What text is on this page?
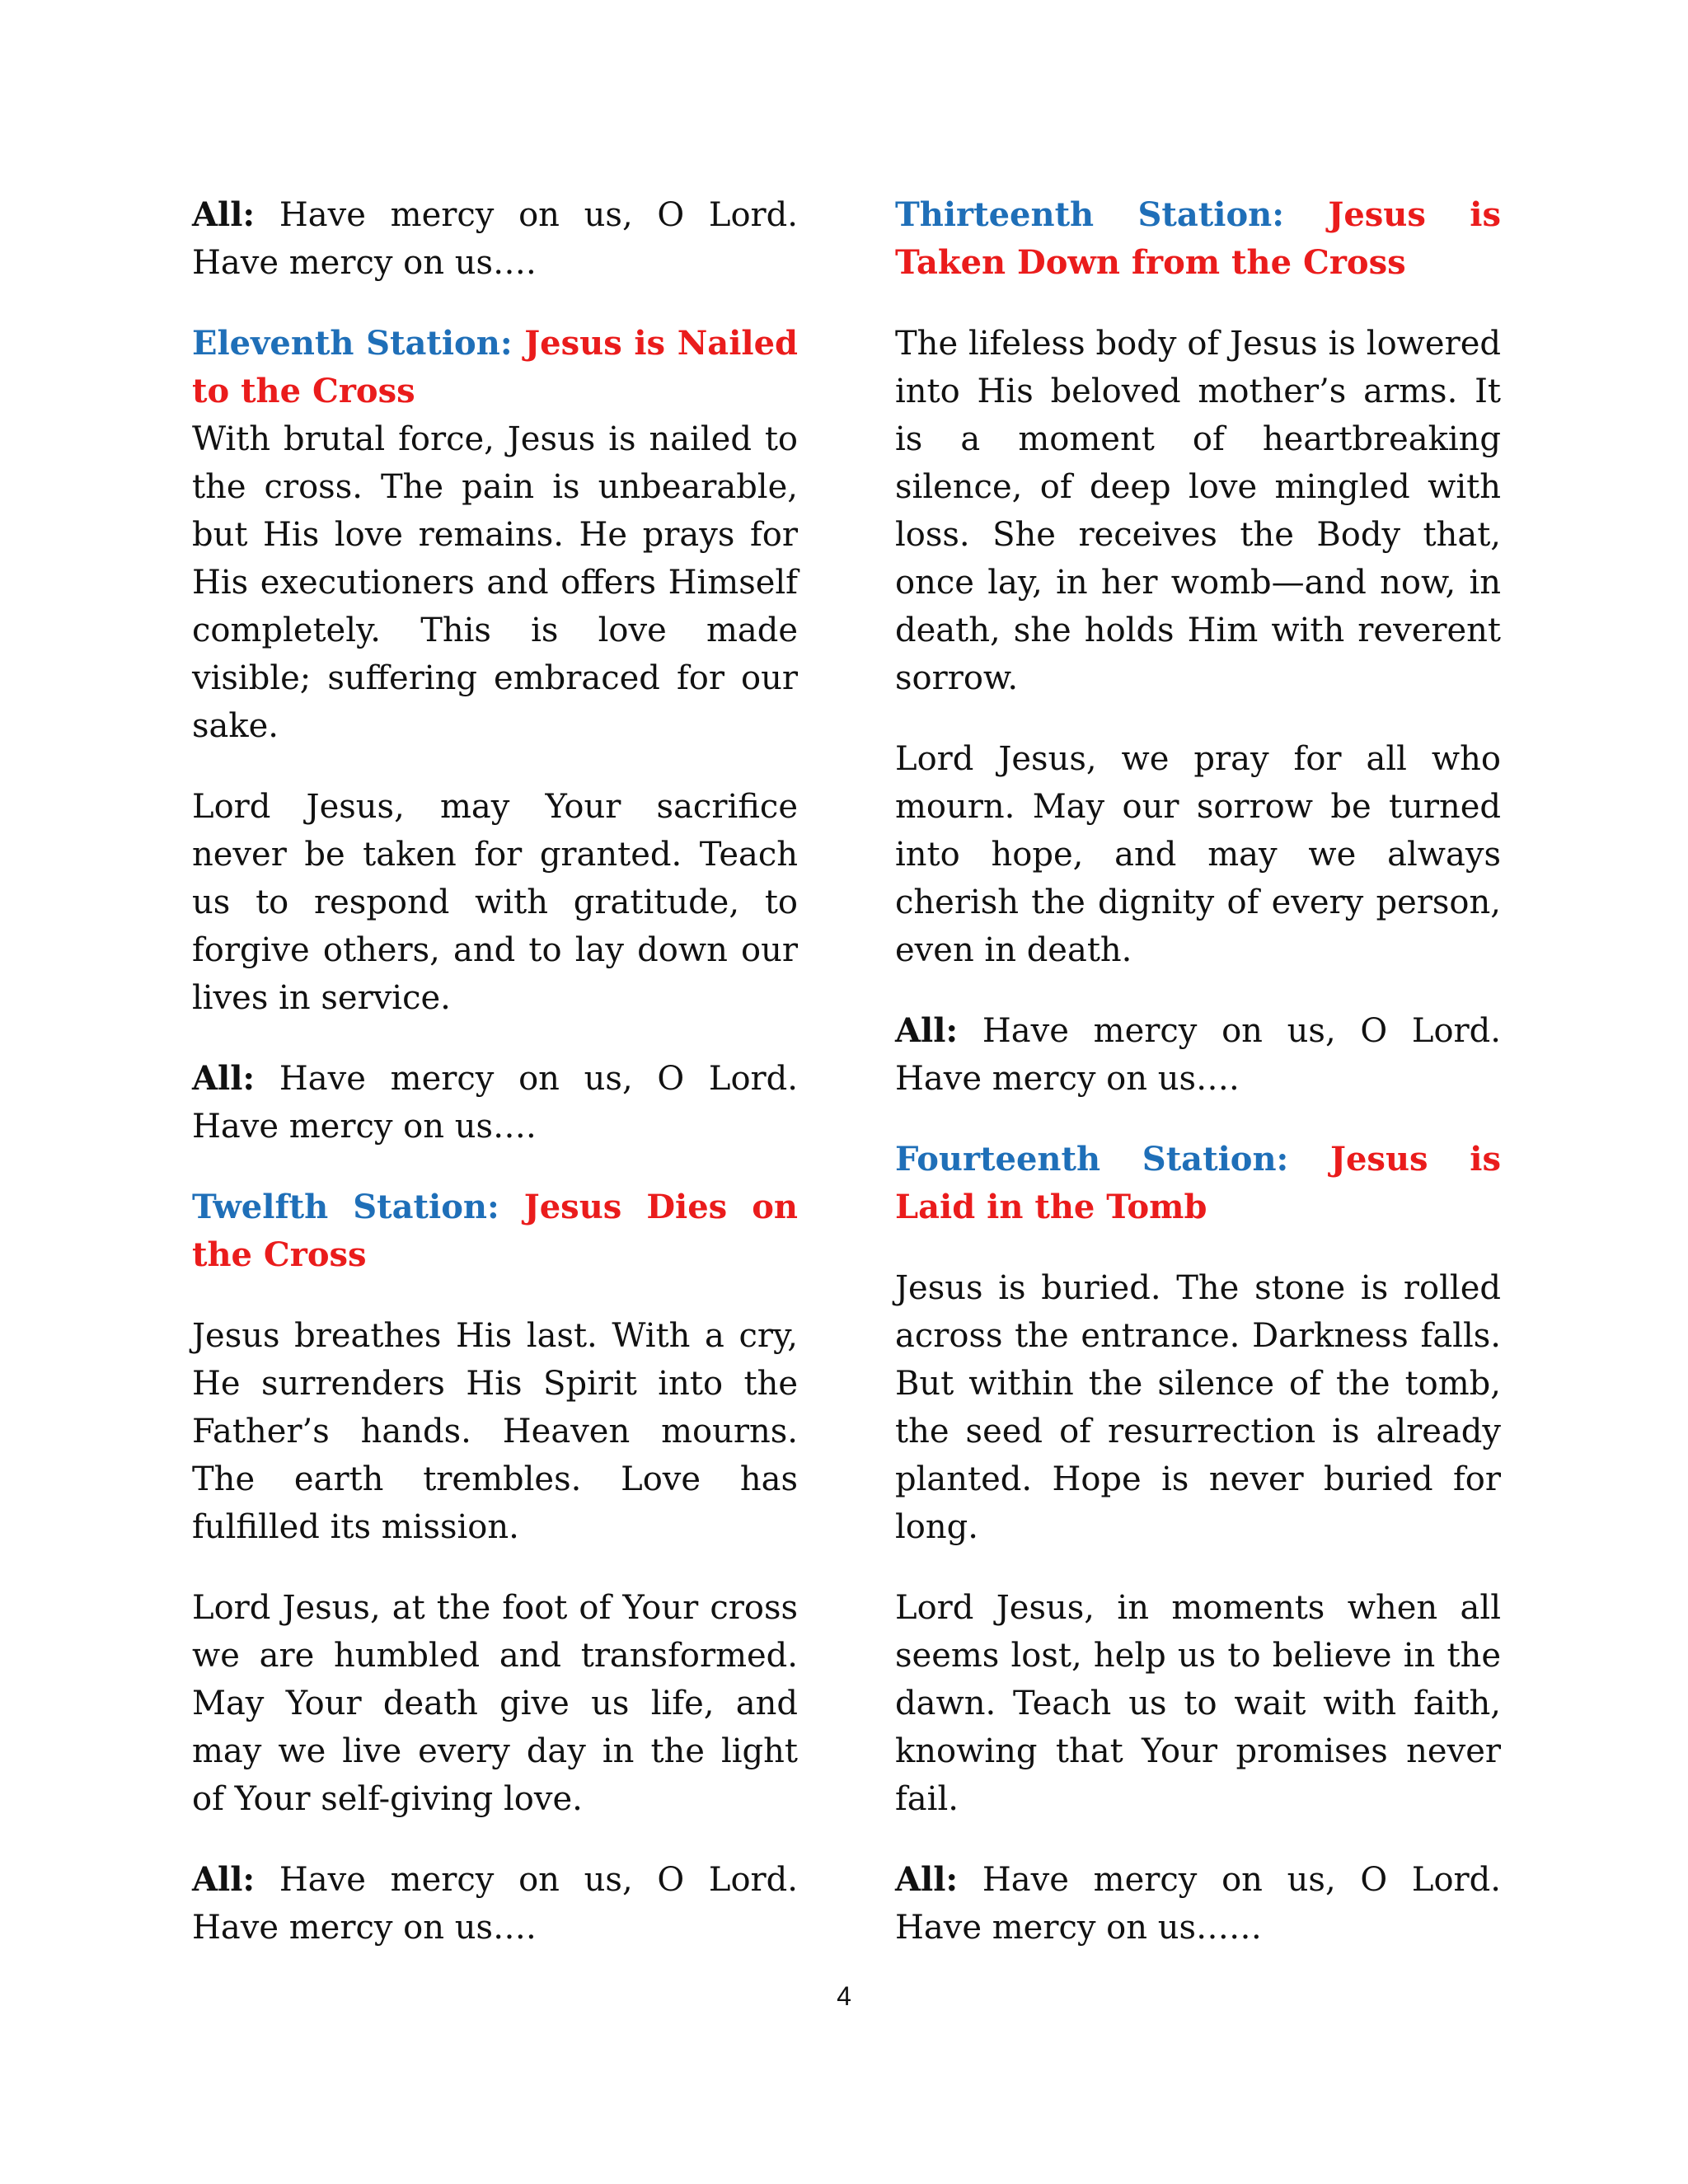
All: Have mercy on us, O Lord. Have mercy on us….

Eleventh Station: Jesus is Nailed to the Cross

With brutal force, Jesus is nailed to the cross. The pain is unbearable, but His love remains. He prays for His executioners and offers Himself completely. This is love made visible; suffering embraced for our sake.

Lord Jesus, may Your sacrifice never be taken for granted. Teach us to respond with gratitude, to forgive others, and to lay down our lives in service.

All: Have mercy on us, O Lord. Have mercy on us….

Twelfth Station: Jesus Dies on the Cross

Jesus breathes His last. With a cry, He surrenders His Spirit into the Father’s hands. Heaven mourns. The earth trembles. Love has fulfilled its mission.

Lord Jesus, at the foot of Your cross we are humbled and transformed. May Your death give us life, and may we live every day in the light of Your self-giving love.

All: Have mercy on us, O Lord. Have mercy on us….

Thirteenth Station: Jesus is Taken Down from the Cross

The lifeless body of Jesus is lowered into His beloved mother’s arms. It is a moment of heartbreaking silence, of deep love mingled with loss. She receives the Body that, once lay, in her womb—and now, in death, she holds Him with reverent sorrow.

Lord Jesus, we pray for all who mourn. May our sorrow be turned into hope, and may we always cherish the dignity of every person, even in death.

All: Have mercy on us, O Lord. Have mercy on us….

Fourteenth Station: Jesus is Laid in the Tomb

Jesus is buried. The stone is rolled across the entrance. Darkness falls. But within the silence of the tomb, the seed of resurrection is already planted. Hope is never buried for long.

Lord Jesus, in moments when all seems lost, help us to believe in the dawn. Teach us to wait with faith, knowing that Your promises never fail.

All: Have mercy on us, O Lord. Have mercy on us……

4
